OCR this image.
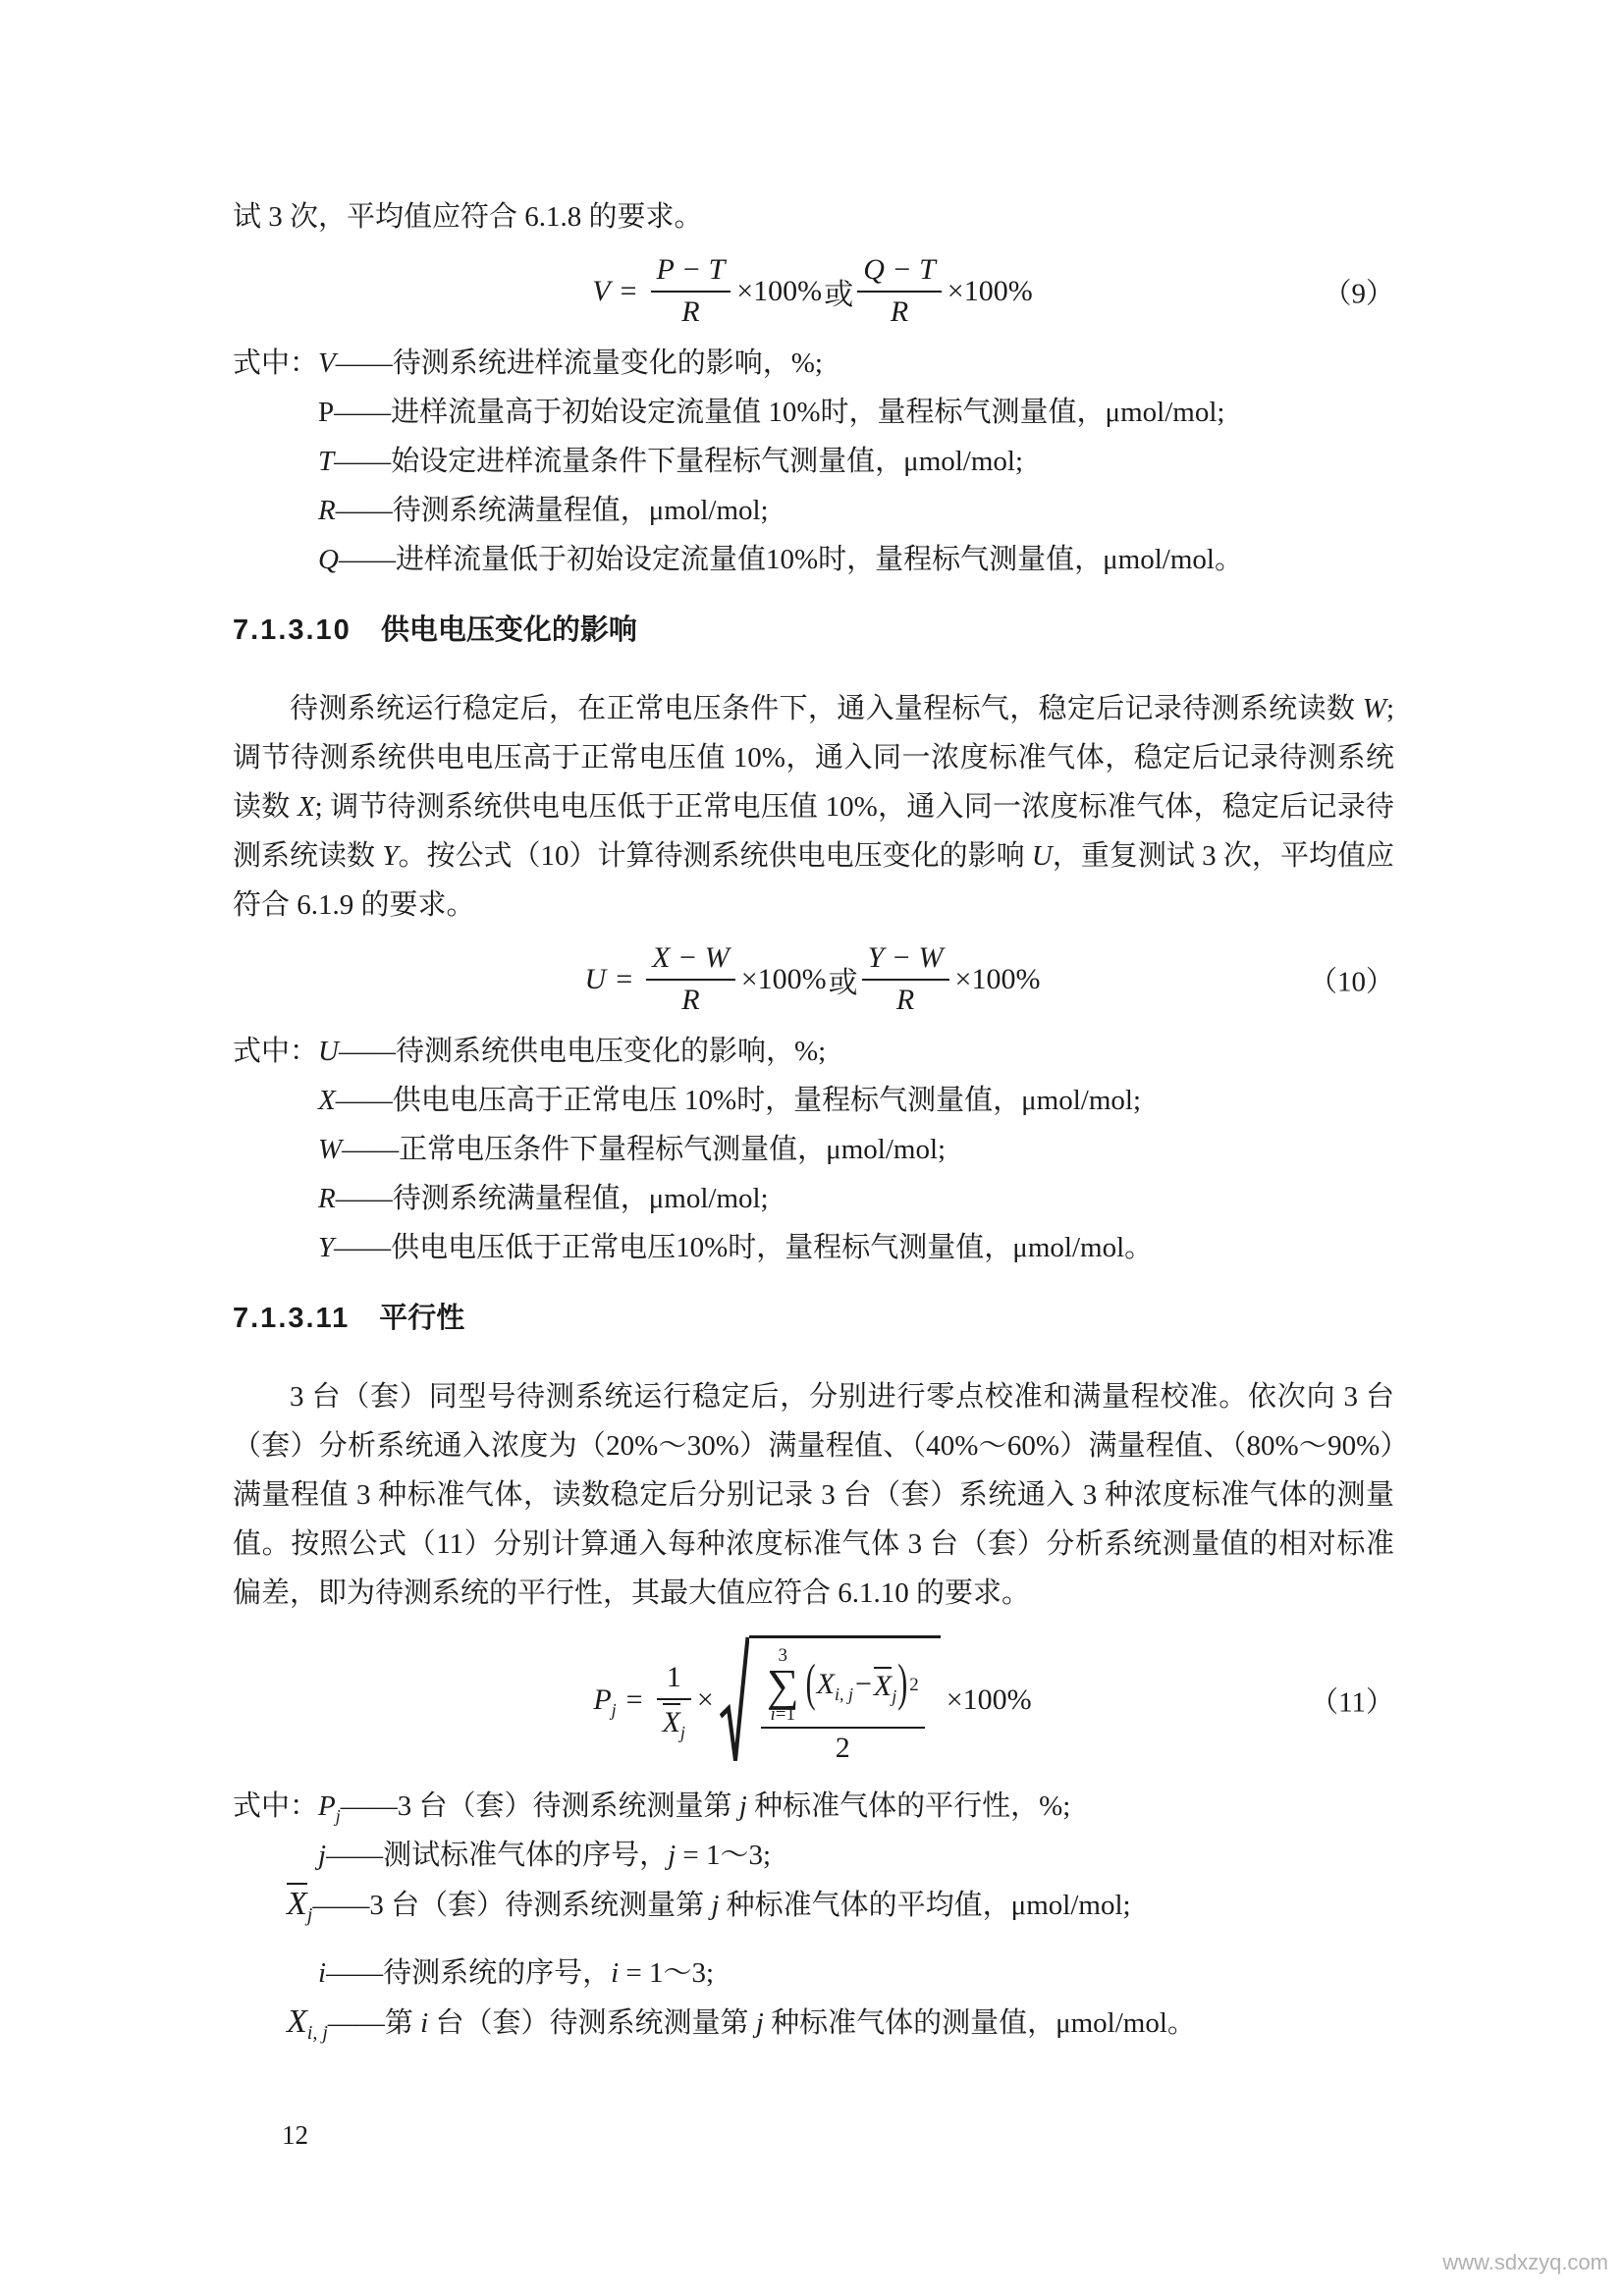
试 3 次，平均值应符合 6.1.8 的要求。
$V = \frac{P - T}{R} \times 100\%$ 或 $\frac{Q - T}{R} \times 100\%$	（9）
式中： V ——待测系统进样流量变化的影响，%;
P ——进样流量高于初始设定流量值 10%时，量程标气测量值，μmol/mol;
T ——始设定进样流量条件下量程标气测量值，μmol/mol;
R ——待测系统满量程值，μmol/mol;
Q ——进样流量低于初始设定流量值10%时，量程标气测量值，μmol/mol。
7.1.3.10 供电电压变化的影响

待测系统运行稳定后，在正常电压条件下，通入量程标气，稳定后记录待测系统读数 W; 调节待测系统供电电压高于正常电压值 10%，通入同一浓度标准气体，稳定后记录待测系统读数 X; 调节待测系统供电电压低于正常电压值 10%，通入同一浓度标准气体，稳定后记录待测系统读数 Y。按公式（10）计算待测系统供电电压变化的影响 U，重复测试 3 次，平均值应符合 6.1.9 的要求。

$U = \frac{X - W}{R} \times 100\%$ 或 $\frac{Y - W}{R} \times 100\%$	（10）
式中： U ——待测系统供电电压变化的影响，%;
X ——供电电压高于正常电压 10%时，量程标气测量值，μmol/mol;
W ——正常电压条件下量程标气测量值，μmol/mol;
R ——待测系统满量程值，μmol/mol;
Y ——供电电压低于正常电压10%时，量程标气测量值，μmol/mol。
7.1.3.11 平行性

3 台（套）同型号待测系统运行稳定后，分别进行零点校准和满量程校准。依次向 3 台（套）分析系统通入浓度为（20%～30%）满量程值、（40%～60%）满量程值、（80%～90%）满量程值 3 种标准气体，读数稳定后分别记录 3 台（套）系统通入 3 种浓度标准气体的测量值。按照公式（11）分别计算通入每种浓度标准气体 3 台（套）分析系统测量值的相对标准偏差，即为待测系统的平行性，其最大值应符合 6.1.10 的要求。

$P_j = \frac{1}{X_j}$ ×
3
∑
i=1
( $X_{i, j} - X_j$ ) 2
2
×100%	（11）
式中： $P_j$ ——3 台（套）待测系统测量第 j 种标准气体的平行性，%;
j ——测试标准气体的序号，j = 1～3;
$X_j$ ——3 台（套）待测系统测量第 j 种标准气体的平均值，μmol/mol;
i ——待测系统的序号，i = 1～3;
$X_{i, j}$ ——第 i 台（套）待测系统测量第 j 种标准气体的测量值，μmol/mol。
12
www.sdxzyq.com
